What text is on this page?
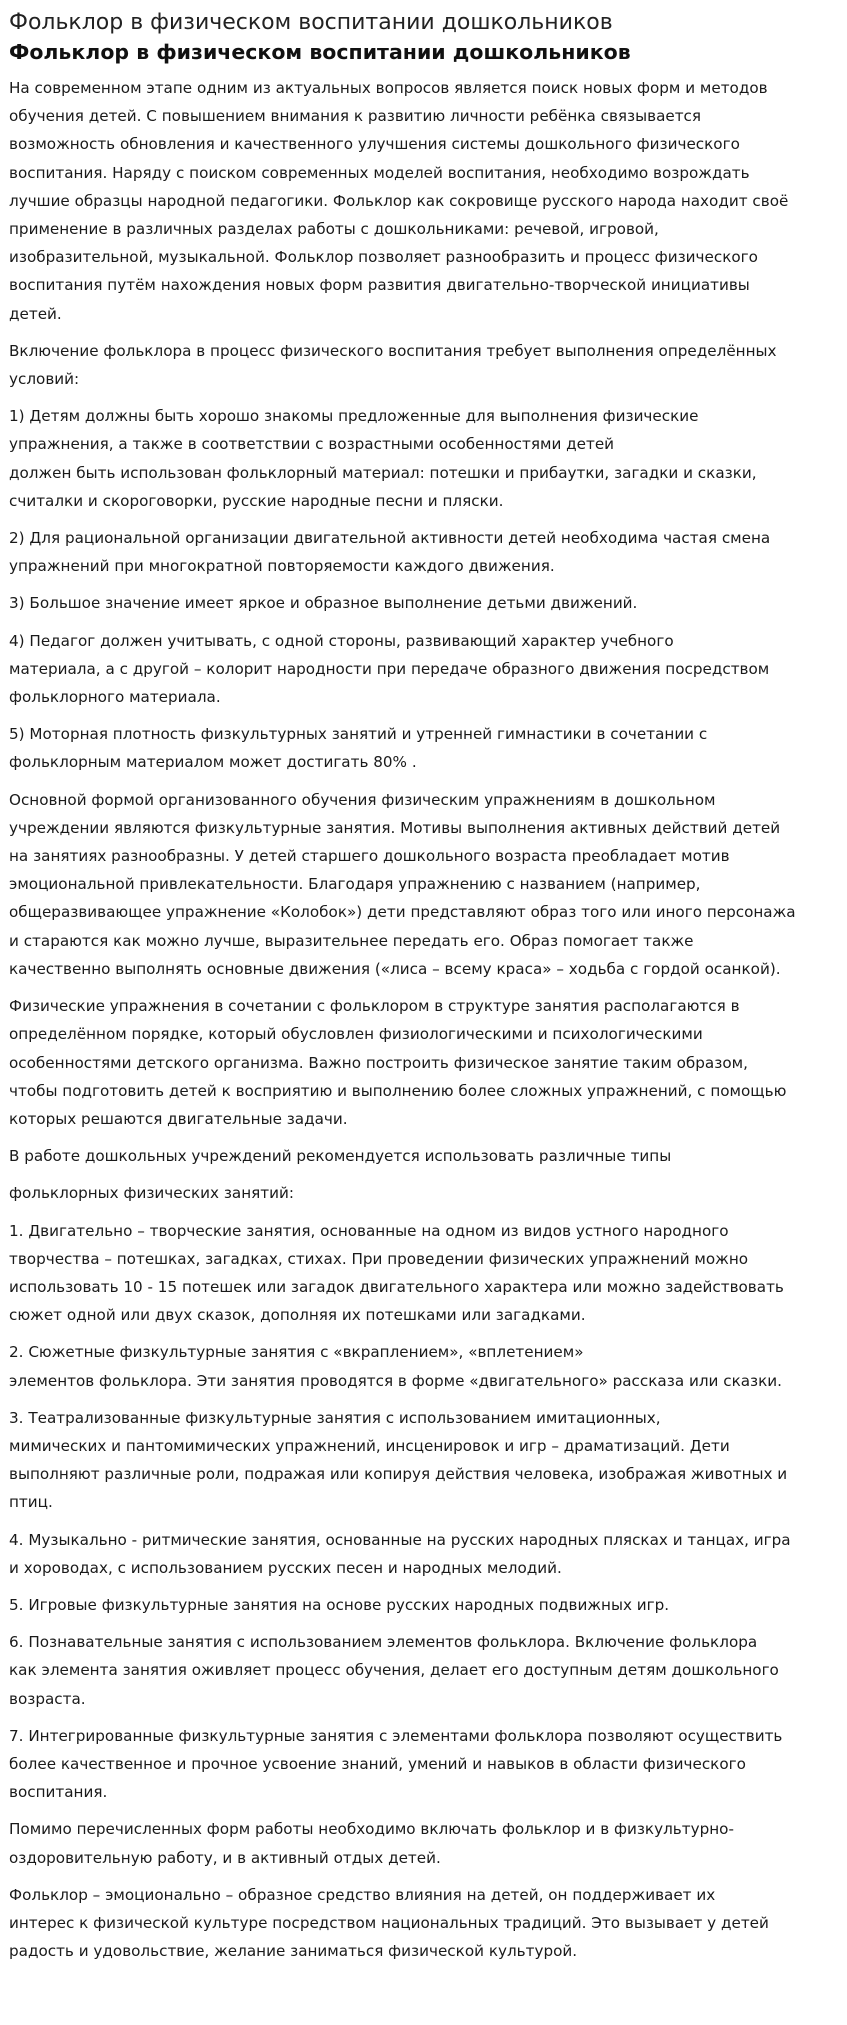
Фольклор в физическом воспитании дошкольников
Фольклор в физическом воспитании дошкольников

На современном этапе одним из актуальных вопросов является поиск новых форм и методов
обучения детей. С повышением внимания к развитию личности ребёнка связывается
возможность обновления и качественного улучшения системы дошкольного физического
воспитания. Наряду с поиском современных моделей воспитания, необходимо возрождать
лучшие образцы народной педагогики. Фольклор как сокровище русского народа находит своё
применение в различных разделах работы с дошкольниками: речевой, игровой,
изобразительной, музыкальной. Фольклор позволяет разнообразить и процесс физического
воспитания путём нахождения новых форм развития двигательно-творческой инициативы
детей.

Включение фольклора в процесс физического воспитания требует выполнения определённых
условий:

1) Детям должны быть хорошо знакомы предложенные для выполнения физические
упражнения, а также в соответствии с возрастными особенностями детей
должен быть использован фольклорный материал: потешки и прибаутки, загадки и сказки,
считалки и скороговорки, русские народные песни и пляски.

2) Для рациональной организации двигательной активности детей необходима частая смена
упражнений при многократной повторяемости каждого движения.

3) Большое значение имеет яркое и образное выполнение детьми движений.

4) Педагог должен учитывать, с одной стороны, развивающий характер учебного
материала, а с другой – колорит народности при передаче образного движения посредством
фольклорного материала.

5) Моторная плотность физкультурных занятий и утренней гимнастики в сочетании с
фольклорным материалом может достигать 80% .

Основной формой организованного обучения физическим упражнениям в дошкольном
учреждении являются физкультурные занятия. Мотивы выполнения активных действий детей
на занятиях разнообразны. У детей старшего дошкольного возраста преобладает мотив
эмоциональной привлекательности. Благодаря упражнению с названием (например,
общеразвивающее упражнение «Колобок») дети представляют образ того или иного персонажа
и стараются как можно лучше, выразительнее передать его. Образ помогает также
качественно выполнять основные движения («лиса – всему краса» – ходьба с гордой осанкой).

Физические упражнения в сочетании с фольклором в структуре занятия располагаются в
определённом порядке, который обусловлен физиологическими и психологическими
особенностями детского организма. Важно построить физическое занятие таким образом,
чтобы подготовить детей к восприятию и выполнению более сложных упражнений, с помощью
которых решаются двигательные задачи.

В работе дошкольных учреждений рекомендуется использовать различные типы

фольклорных физических занятий:

1. Двигательно – творческие занятия, основанные на одном из видов устного народного
творчества – потешках, загадках, стихах. При проведении физических упражнений можно
использовать 10 - 15 потешек или загадок двигательного характера или можно задействовать
сюжет одной или двух сказок, дополняя их потешками или загадками.

2. Сюжетные физкультурные занятия с «вкраплением», «вплетением»
элементов фольклора. Эти занятия проводятся в форме «двигательного» рассказа или сказки.

3. Театрализованные физкультурные занятия с использованием имитационных,
мимических и пантомимических упражнений, инсценировок и игр – драматизаций. Дети
выполняют различные роли, подражая или копируя действия человека, изображая животных и
птиц.

4. Музыкально - ритмические занятия, основанные на русских народных плясках и танцах, игра
и хороводах, с использованием русских песен и народных мелодий.

5. Игровые физкультурные занятия на основе русских народных подвижных игр.

6. Познавательные занятия с использованием элементов фольклора. Включение фольклора
как элемента занятия оживляет процесс обучения, делает его доступным детям дошкольного
возраста.

7. Интегрированные физкультурные занятия с элементами фольклора позволяют осуществить
более качественное и прочное усвоение знаний, умений и навыков в области физического
воспитания.

Помимо перечисленных форм работы необходимо включать фольклор и в физкультурно-
оздоровительную работу, и в активный отдых детей.

Фольклор – эмоционально – образное средство влияния на детей, он поддерживает их
интерес к физической культуре посредством национальных традиций. Это вызывает у детей
радость и удовольствие, желание заниматься физической культурой.
